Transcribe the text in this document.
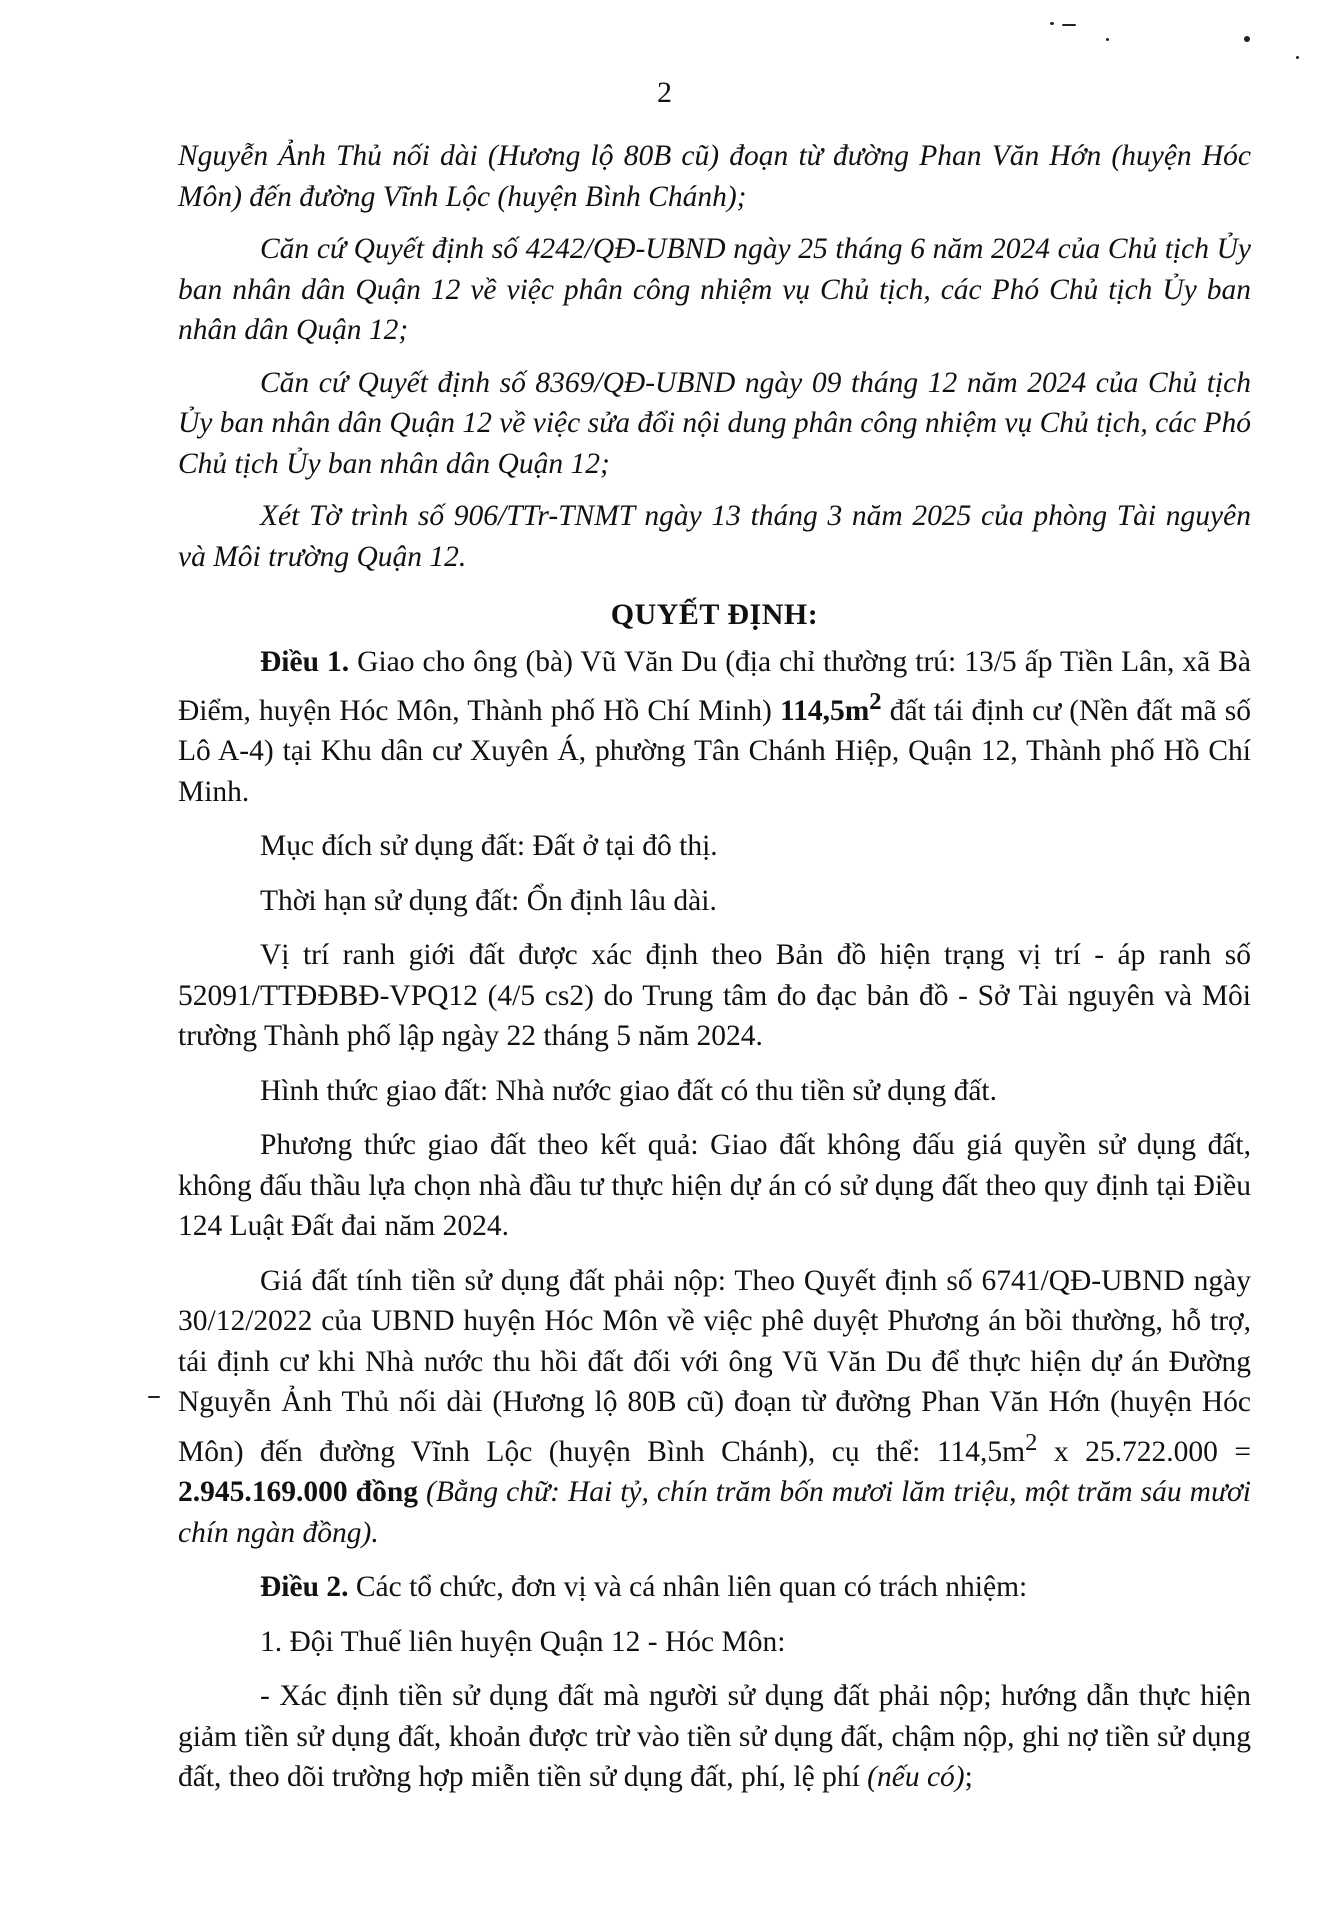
2

Nguyễn Ảnh Thủ nối dài (Hương lộ 80B cũ) đoạn từ đường Phan Văn Hớn (huyện Hóc Môn) đến đường Vĩnh Lộc (huyện Bình Chánh);

Căn cứ Quyết định số 4242/QĐ-UBND ngày 25 tháng 6 năm 2024 của Chủ tịch Ủy ban nhân dân Quận 12 về việc phân công nhiệm vụ Chủ tịch, các Phó Chủ tịch Ủy ban nhân dân Quận 12;

Căn cứ Quyết định số 8369/QĐ-UBND ngày 09 tháng 12 năm 2024 của Chủ tịch Ủy ban nhân dân Quận 12 về việc sửa đổi nội dung phân công nhiệm vụ Chủ tịch, các Phó Chủ tịch Ủy ban nhân dân Quận 12;

Xét Tờ trình số 906/TTr-TNMT ngày 13 tháng 3 năm 2025 của phòng Tài nguyên và Môi trường Quận 12.

QUYẾT ĐỊNH:

Điều 1. Giao cho ông (bà) Vũ Văn Du (địa chỉ thường trú: 13/5 ấp Tiền Lân, xã Bà Điểm, huyện Hóc Môn, Thành phố Hồ Chí Minh) $114,5m^2$ đất tái định cư (Nền đất mã số Lô A-4) tại Khu dân cư Xuyên Á, phường Tân Chánh Hiệp, Quận 12, Thành phố Hồ Chí Minh.

Mục đích sử dụng đất: Đất ở tại đô thị.

Thời hạn sử dụng đất: Ổn định lâu dài.

Vị trí ranh giới đất được xác định theo Bản đồ hiện trạng vị trí - áp ranh số 52091/TTĐĐBĐ-VPQ12 (4/5 cs2) do Trung tâm đo đạc bản đồ - Sở Tài nguyên và Môi trường Thành phố lập ngày 22 tháng 5 năm 2024.

Hình thức giao đất: Nhà nước giao đất có thu tiền sử dụng đất.

Phương thức giao đất theo kết quả: Giao đất không đấu giá quyền sử dụng đất, không đấu thầu lựa chọn nhà đầu tư thực hiện dự án có sử dụng đất theo quy định tại Điều 124 Luật Đất đai năm 2024.

Giá đất tính tiền sử dụng đất phải nộp: Theo Quyết định số 6741/QĐ-UBND ngày 30/12/2022 của UBND huyện Hóc Môn về việc phê duyệt Phương án bồi thường, hỗ trợ, tái định cư khi Nhà nước thu hồi đất đối với ông Vũ Văn Du để thực hiện dự án Đường Nguyễn Ảnh Thủ nối dài (Hương lộ 80B cũ) đoạn từ đường Phan Văn Hớn (huyện Hóc Môn) đến đường Vĩnh Lộc (huyện Bình Chánh), cụ thể: $114,5m^2$ x 25.722.000 = 2.945.169.000 đồng (Bằng chữ: Hai tỷ, chín trăm bốn mươi lăm triệu, một trăm sáu mươi chín ngàn đồng).

Điều 2. Các tổ chức, đơn vị và cá nhân liên quan có trách nhiệm:

1. Đội Thuế liên huyện Quận 12 - Hóc Môn:

- Xác định tiền sử dụng đất mà người sử dụng đất phải nộp; hướng dẫn thực hiện giảm tiền sử dụng đất, khoản được trừ vào tiền sử dụng đất, chậm nộp, ghi nợ tiền sử dụng đất, theo dõi trường hợp miễn tiền sử dụng đất, phí, lệ phí (nếu có);
